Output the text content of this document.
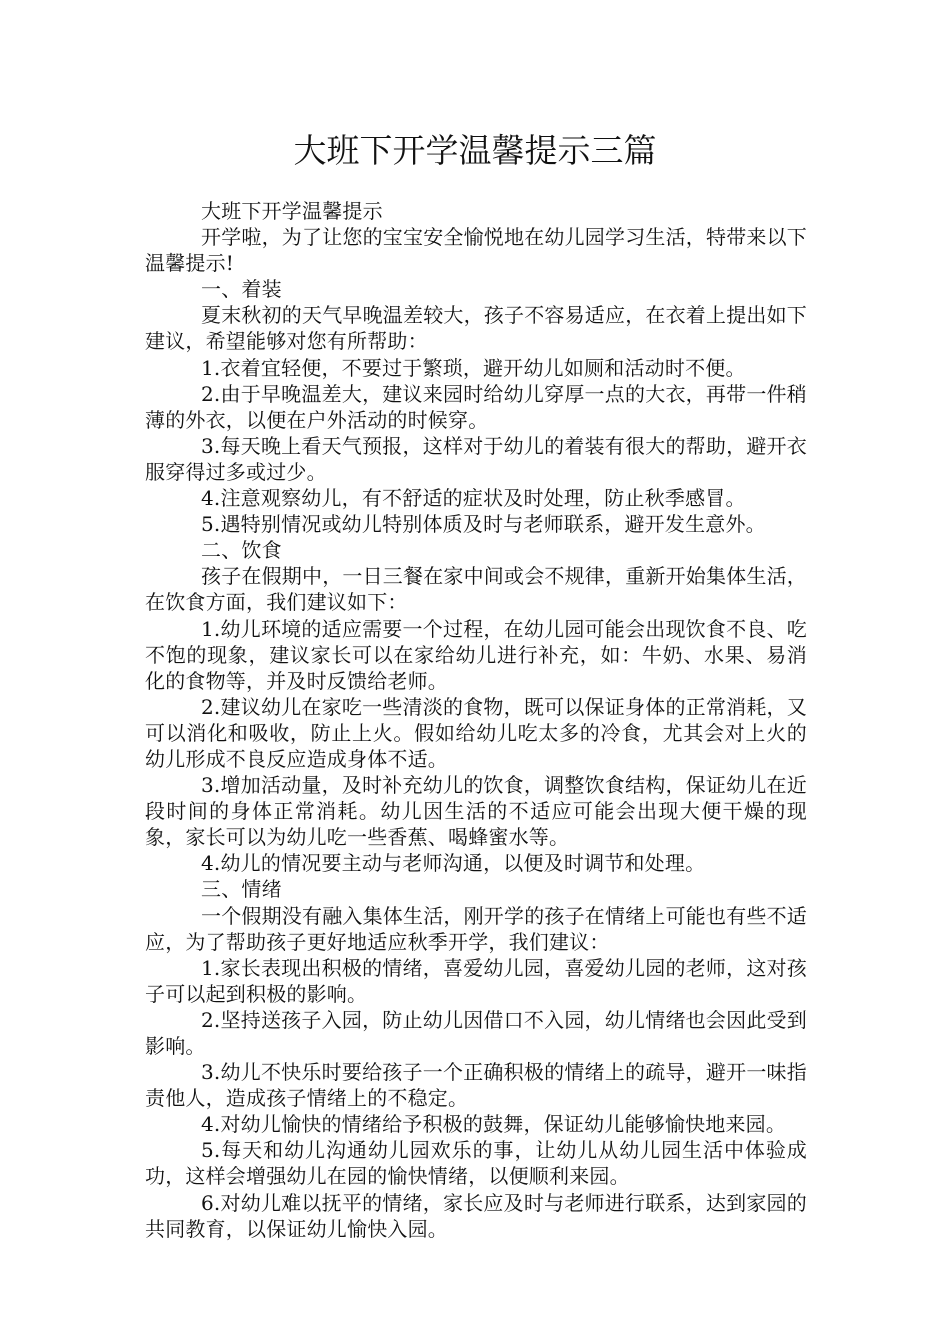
大班下开学温馨提示三篇

大班下开学温馨提示

开学啦，为了让您的宝宝安全愉悦地在幼儿园学习生活，特带来以下温馨提示!

一、着装

夏末秋初的天气早晚温差较大，孩子不容易适应，在衣着上提出如下建议，希望能够对您有所帮助：

1.衣着宜轻便，不要过于繁琐，避开幼儿如厕和活动时不便。

2.由于早晚温差大，建议来园时给幼儿穿厚一点的大衣，再带一件稍薄的外衣，以便在户外活动的时候穿。

3.每天晚上看天气预报，这样对于幼儿的着装有很大的帮助，避开衣服穿得过多或过少。

4.注意观察幼儿，有不舒适的症状及时处理，防止秋季感冒。

5.遇特别情况或幼儿特别体质及时与老师联系，避开发生意外。

二、饮食

孩子在假期中，一日三餐在家中间或会不规律，重新开始集体生活，在饮食方面，我们建议如下：

1.幼儿环境的适应需要一个过程，在幼儿园可能会出现饮食不良、吃不饱的现象，建议家长可以在家给幼儿进行补充，如：牛奶、水果、易消化的食物等，并及时反馈给老师。

2.建议幼儿在家吃一些清淡的食物，既可以保证身体的正常消耗，又可以消化和吸收，防止上火。假如给幼儿吃太多的冷食，尤其会对上火的幼儿形成不良反应造成身体不适。

3.增加活动量，及时补充幼儿的饮食，调整饮食结构，保证幼儿在近段时间的身体正常消耗。幼儿因生活的不适应可能会出现大便干燥的现象，家长可以为幼儿吃一些香蕉、喝蜂蜜水等。

4.幼儿的情况要主动与老师沟通，以便及时调节和处理。

三、情绪

一个假期没有融入集体生活，刚开学的孩子在情绪上可能也有些不适应，为了帮助孩子更好地适应秋季开学，我们建议：

1.家长表现出积极的情绪，喜爱幼儿园，喜爱幼儿园的老师，这对孩子可以起到积极的影响。

2.坚持送孩子入园，防止幼儿因借口不入园，幼儿情绪也会因此受到影响。

3.幼儿不快乐时要给孩子一个正确积极的情绪上的疏导，避开一味指责他人，造成孩子情绪上的不稳定。

4.对幼儿愉快的情绪给予积极的鼓舞，保证幼儿能够愉快地来园。

5.每天和幼儿沟通幼儿园欢乐的事，让幼儿从幼儿园生活中体验成功，这样会增强幼儿在园的愉快情绪，以便顺利来园。

6.对幼儿难以抚平的情绪，家长应及时与老师进行联系，达到家园的共同教育，以保证幼儿愉快入园。
